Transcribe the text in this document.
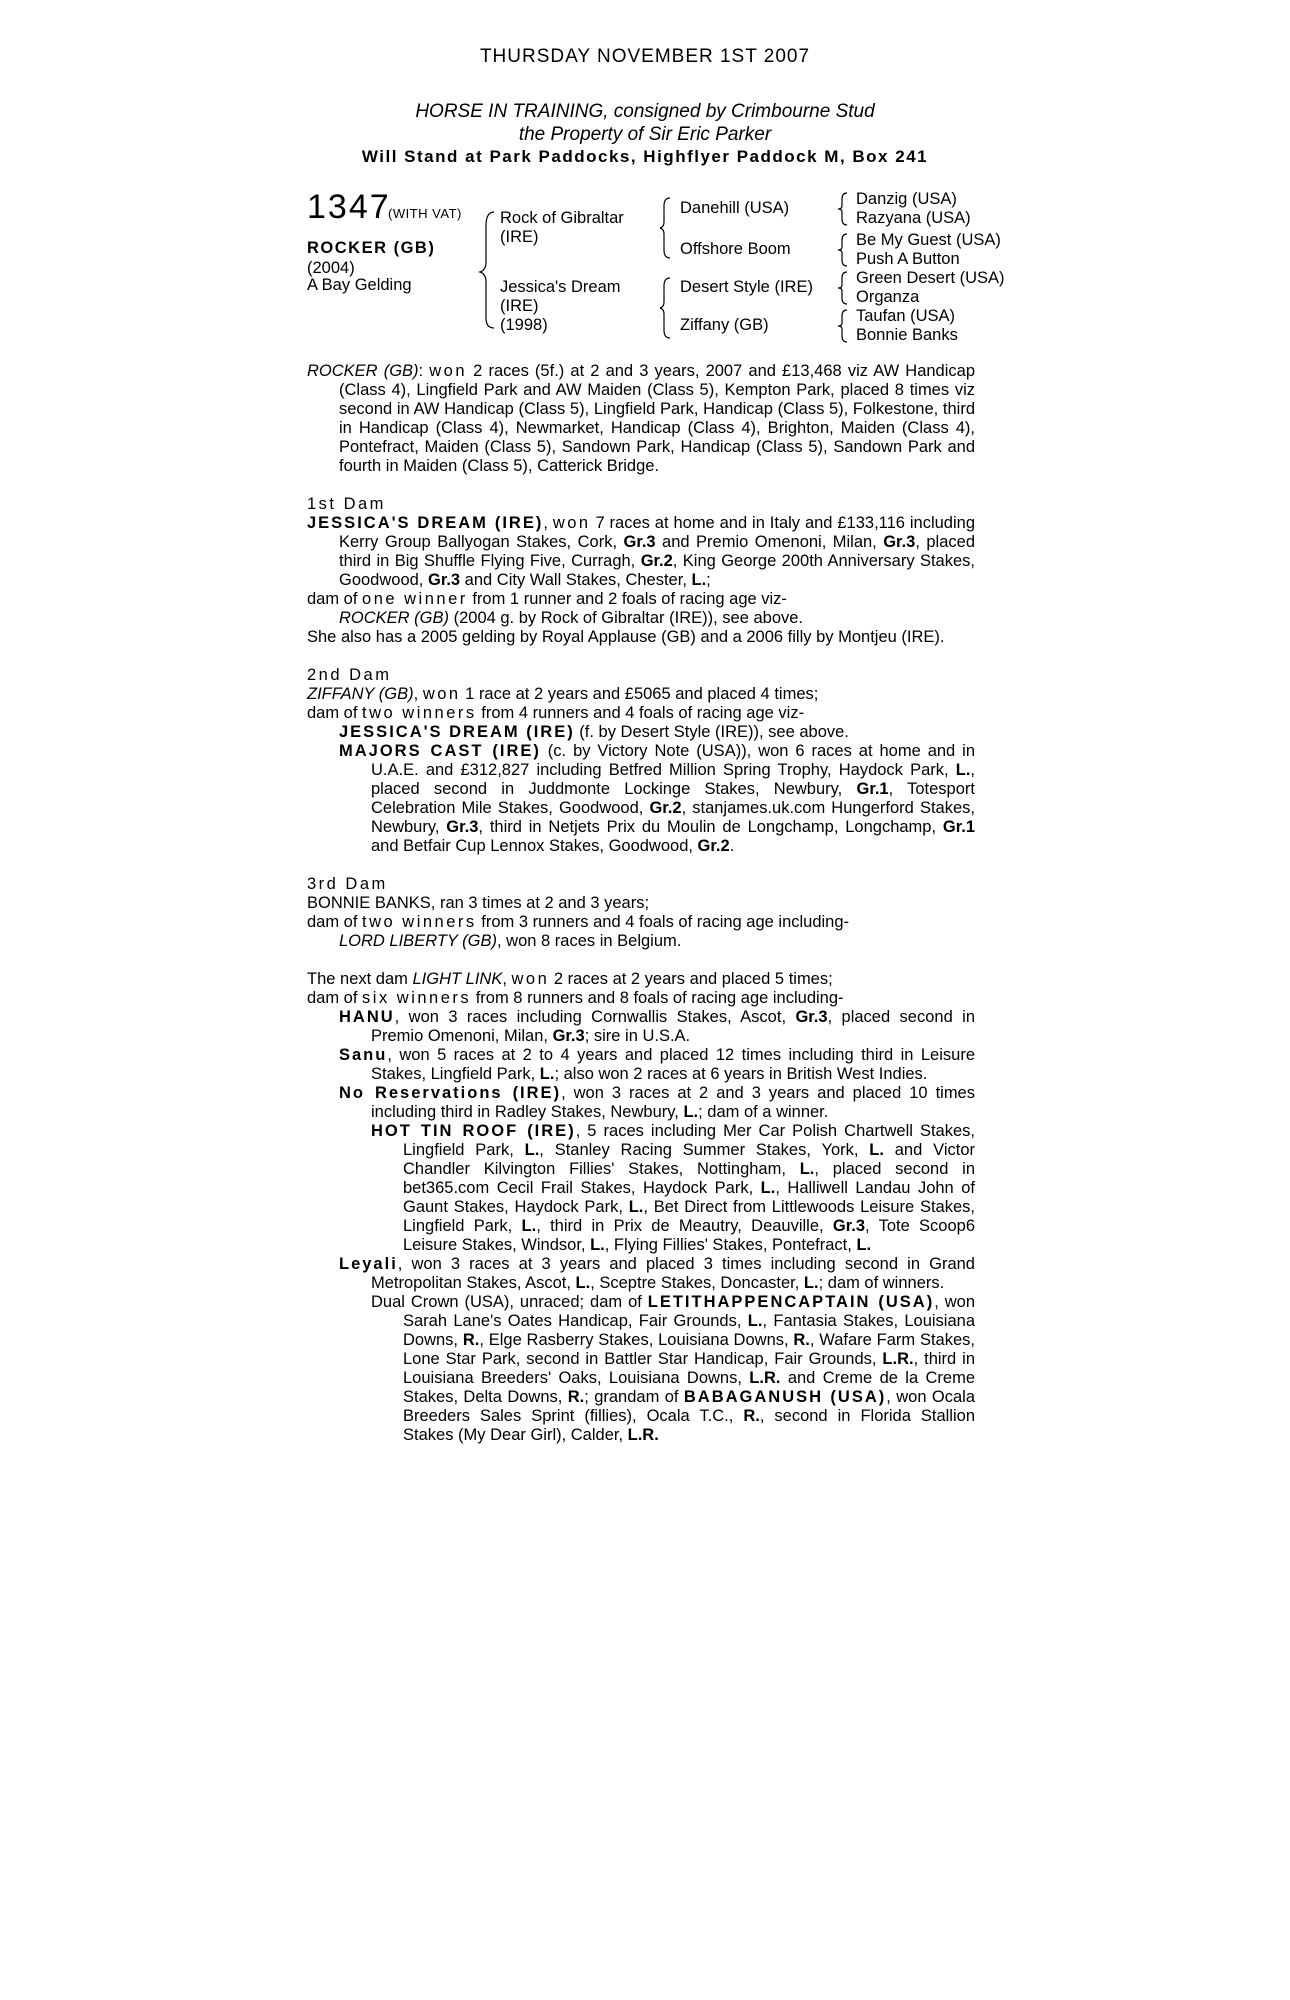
THURSDAY NOVEMBER 1ST 2007
HORSE IN TRAINING, consigned by Crimbourne Stud
the Property of Sir Eric Parker
Will Stand at Park Paddocks, Highflyer Paddock M, Box 241
1347
(WITH VAT)
ROCKER (GB)
(2004)
A Bay Gelding
Rock of Gibraltar
(IRE)
Jessica's Dream
(IRE)
(1998)
Danehill (USA)
Offshore Boom
Desert Style (IRE)
Ziffany (GB)
Danzig (USA)
Razyana (USA)
Be My Guest (USA)
Push A Button
Green Desert (USA)
Organza
Taufan (USA)
Bonnie Banks

ROCKER (GB): won 2 races (5f.) at 2 and 3 years, 2007 and £13,468 viz AW Handicap (Class 4), Lingfield Park and AW Maiden (Class 5), Kempton Park, placed 8 times viz second in AW Handicap (Class 5), Lingfield Park, Handicap (Class 5), Folkestone, third in Handicap (Class 4), Newmarket, Handicap (Class 4), Brighton, Maiden (Class 4), Pontefract, Maiden (Class 5), Sandown Park, Handicap (Class 5), Sandown Park and fourth in Maiden (Class 5), Catterick Bridge.

1st Dam

JESSICA'S DREAM (IRE), won 7 races at home and in Italy and £133,116 including Kerry Group Ballyogan Stakes, Cork, Gr.3 and Premio Omenoni, Milan, Gr.3, placed third in Big Shuffle Flying Five, Curragh, Gr.2, King George 200th Anniversary Stakes, Goodwood, Gr.3 and City Wall Stakes, Chester, L.;

dam of one winner from 1 runner and 2 foals of racing age viz-

ROCKER (GB) (2004 g. by Rock of Gibraltar (IRE)), see above.

She also has a 2005 gelding by Royal Applause (GB) and a 2006 filly by Montjeu (IRE).

2nd Dam

ZIFFANY (GB), won 1 race at 2 years and £5065 and placed 4 times;

dam of two winners from 4 runners and 4 foals of racing age viz-

JESSICA'S DREAM (IRE) (f. by Desert Style (IRE)), see above.

MAJORS CAST (IRE) (c. by Victory Note (USA)), won 6 races at home and in U.A.E. and £312,827 including Betfred Million Spring Trophy, Haydock Park, L., placed second in Juddmonte Lockinge Stakes, Newbury, Gr.1, Totesport Celebration Mile Stakes, Goodwood, Gr.2, stanjames.uk.com Hungerford Stakes, Newbury, Gr.3, third in Netjets Prix du Moulin de Longchamp, Longchamp, Gr.1 and Betfair Cup Lennox Stakes, Goodwood, Gr.2.

3rd Dam

BONNIE BANKS, ran 3 times at 2 and 3 years;

dam of two winners from 3 runners and 4 foals of racing age including-

LORD LIBERTY (GB), won 8 races in Belgium.

The next dam LIGHT LINK, won 2 races at 2 years and placed 5 times;

dam of six winners from 8 runners and 8 foals of racing age including-

HANU, won 3 races including Cornwallis Stakes, Ascot, Gr.3, placed second in Premio Omenoni, Milan, Gr.3; sire in U.S.A.

Sanu, won 5 races at 2 to 4 years and placed 12 times including third in Leisure Stakes, Lingfield Park, L.; also won 2 races at 6 years in British West Indies.

No Reservations (IRE), won 3 races at 2 and 3 years and placed 10 times including third in Radley Stakes, Newbury, L.; dam of a winner.

HOT TIN ROOF (IRE), 5 races including Mer Car Polish Chartwell Stakes, Lingfield Park, L., Stanley Racing Summer Stakes, York, L. and Victor Chandler Kilvington Fillies' Stakes, Nottingham, L., placed second in bet365.com Cecil Frail Stakes, Haydock Park, L., Halliwell Landau John of Gaunt Stakes, Haydock Park, L., Bet Direct from Littlewoods Leisure Stakes, Lingfield Park, L., third in Prix de Meautry, Deauville, Gr.3, Tote Scoop6 Leisure Stakes, Windsor, L., Flying Fillies' Stakes, Pontefract, L.

Leyali, won 3 races at 3 years and placed 3 times including second in Grand Metropolitan Stakes, Ascot, L., Sceptre Stakes, Doncaster, L.; dam of winners.

Dual Crown (USA), unraced; dam of LETITHAPPENCAPTAIN (USA), won Sarah Lane's Oates Handicap, Fair Grounds, L., Fantasia Stakes, Louisiana Downs, R., Elge Rasberry Stakes, Louisiana Downs, R., Wafare Farm Stakes, Lone Star Park, second in Battler Star Handicap, Fair Grounds, L.R., third in Louisiana Breeders' Oaks, Louisiana Downs, L.R. and Creme de la Creme Stakes, Delta Downs, R.; grandam of BABAGANUSH (USA), won Ocala Breeders Sales Sprint (fillies), Ocala T.C., R., second in Florida Stallion Stakes (My Dear Girl), Calder, L.R.
